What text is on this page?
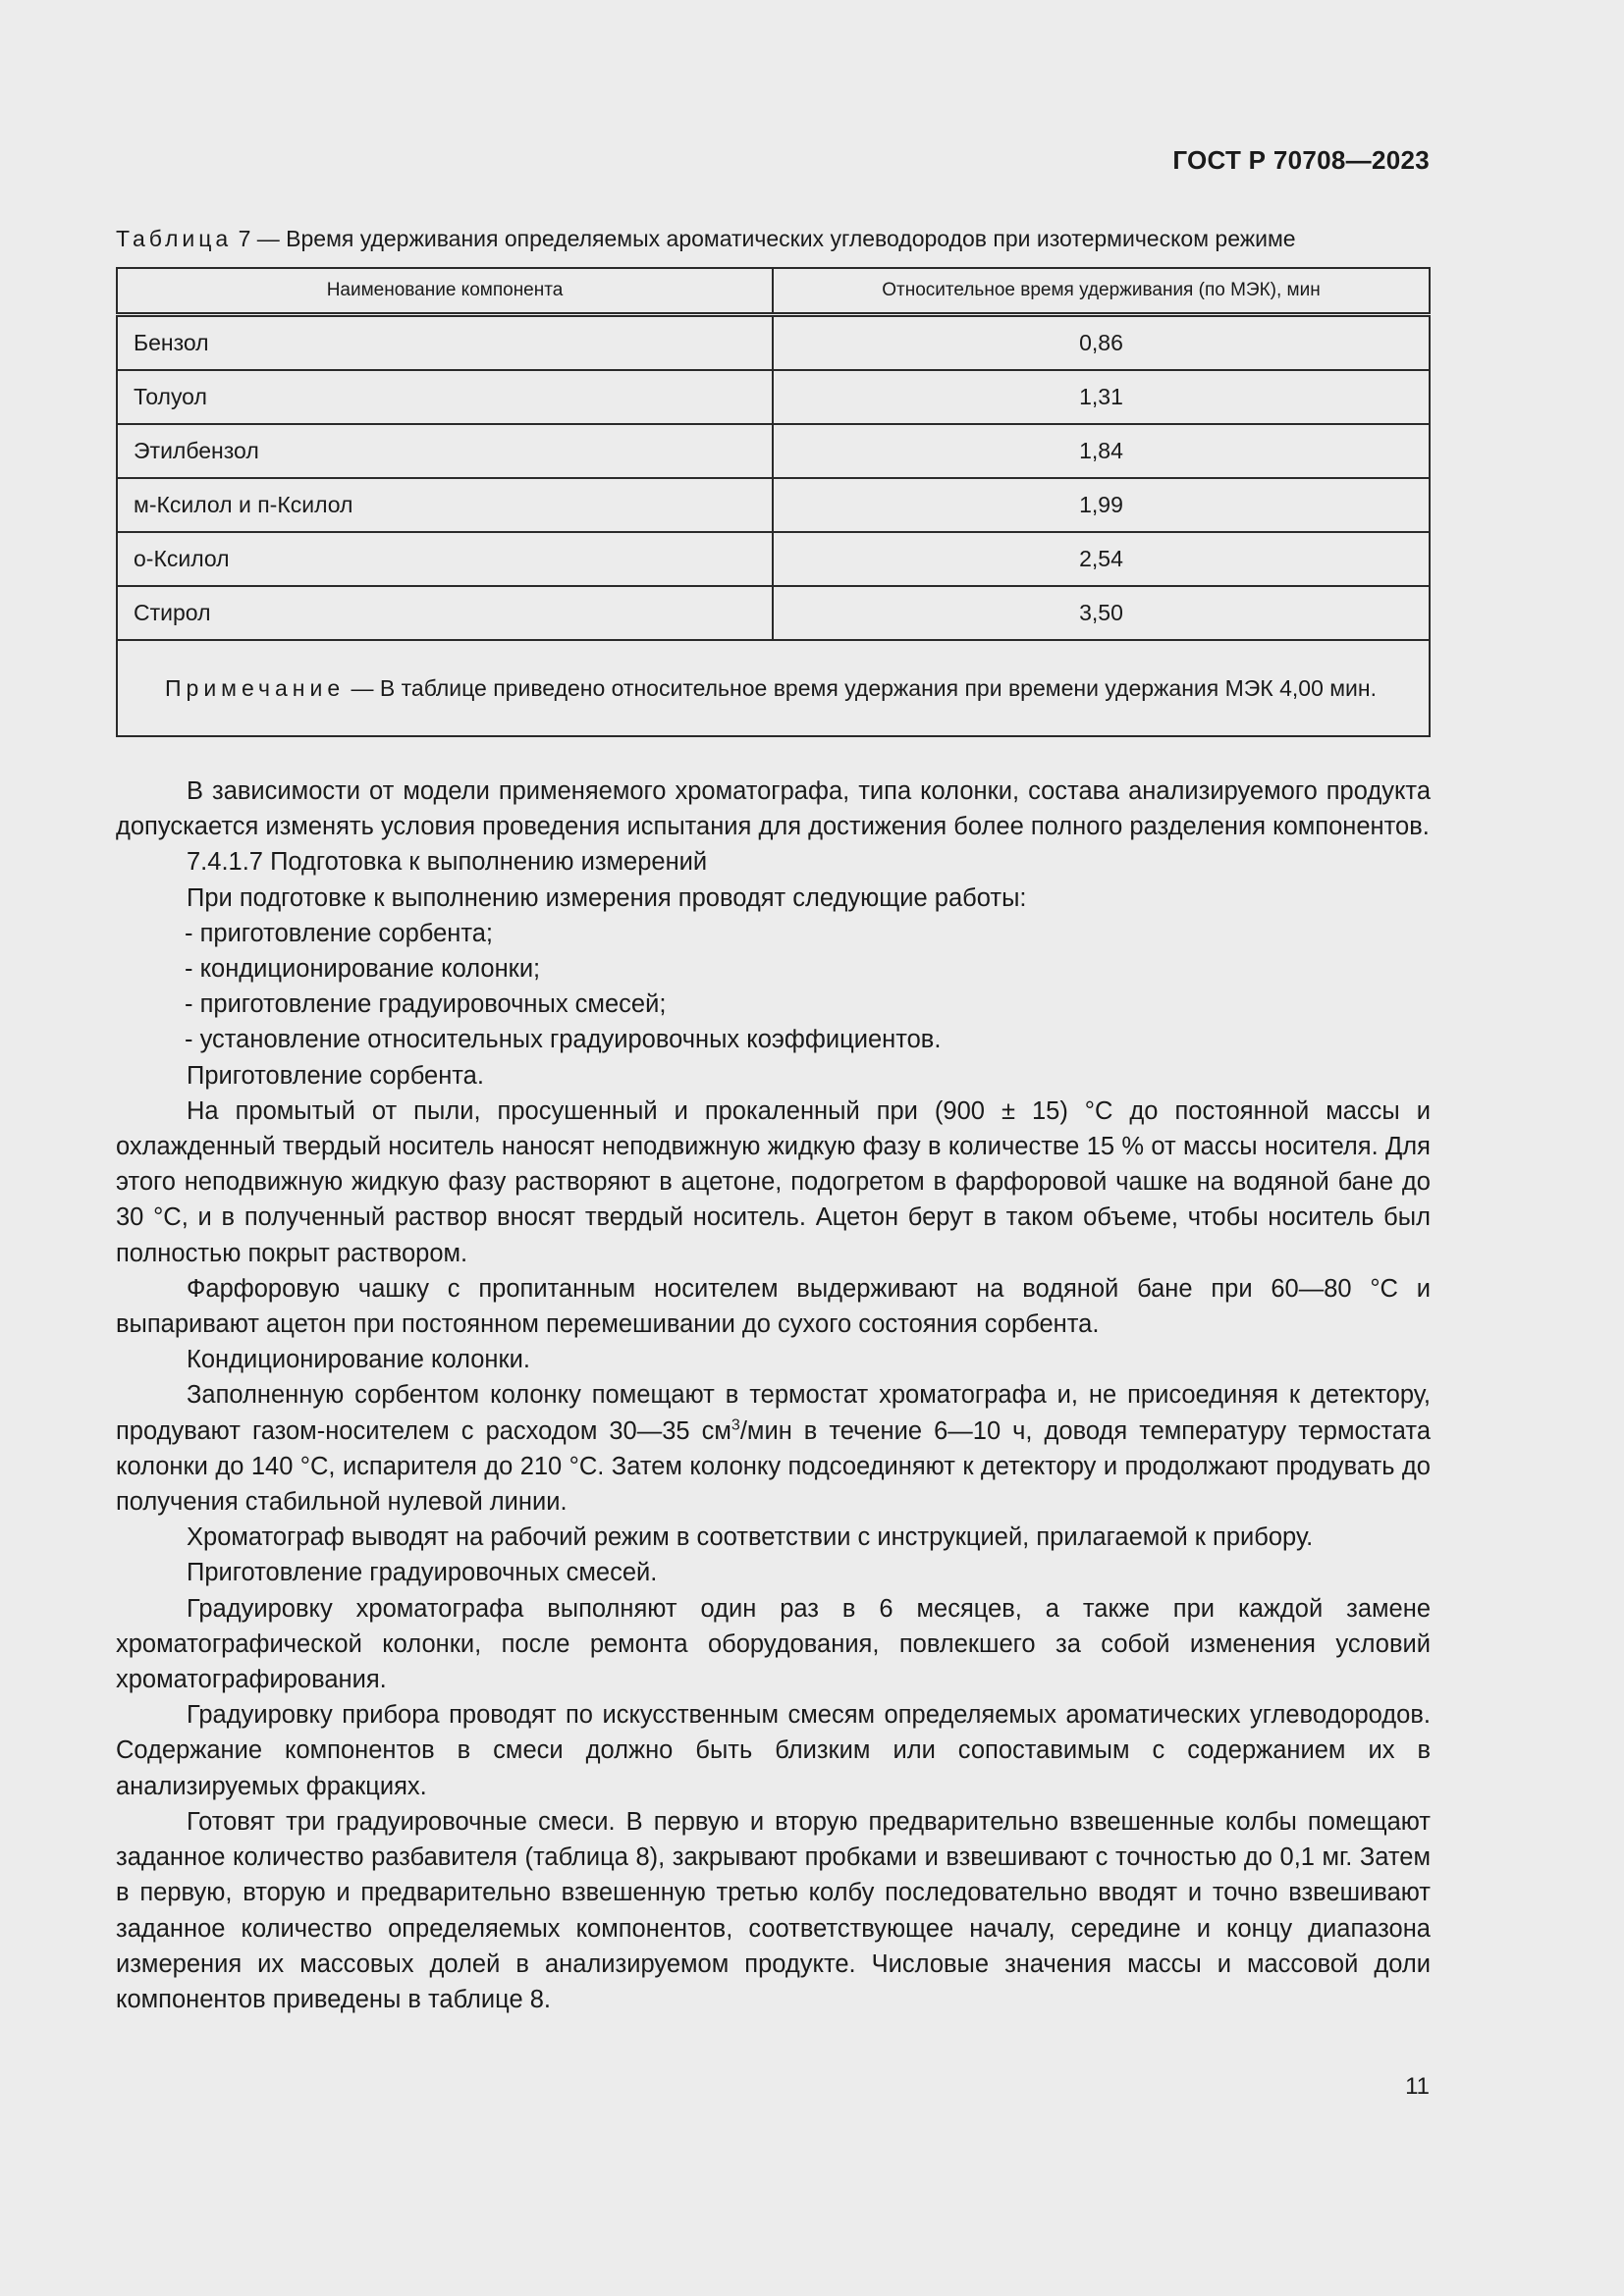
ГОСТ Р 70708—2023
Таблица 7 — Время удерживания определяемых ароматических углеводородов при изотермическом режиме
Наименование компонента	Относительное время удерживания (по МЭК), мин
Бензол	0,86
Толуол	1,31
Этилбензол	1,84
м-Ксилол и п-Ксилол	1,99
о-Ксилол	2,54
Стирол	3,50
Примечание — В таблице приведено относительное время удержания при времени удержания МЭК 4,00 мин.	

В зависимости от модели применяемого хроматографа, типа колонки, состава анализируемого продукта допускается изменять условия проведения испытания для достижения более полного разделения компонентов.

7.4.1.7 Подготовка к выполнению измерений

При подготовке к выполнению измерения проводят следующие работы:

- приготовление сорбента;

- кондиционирование колонки;

- приготовление градуировочных смесей;

- установление относительных градуировочных коэффициентов.

Приготовление сорбента.

На промытый от пыли, просушенный и прокаленный при (900 ± 15) °С до постоянной массы и охлажденный твердый носитель наносят неподвижную жидкую фазу в количестве 15 % от массы носителя. Для этого неподвижную жидкую фазу растворяют в ацетоне, подогретом в фарфоровой чашке на водяной бане до 30 °С, и в полученный раствор вносят твердый носитель. Ацетон берут в таком объеме, чтобы носитель был полностью покрыт раствором.

Фарфоровую чашку с пропитанным носителем выдерживают на водяной бане при 60—80 °С и выпаривают ацетон при постоянном перемешивании до сухого состояния сорбента.

Кондиционирование колонки.

Заполненную сорбентом колонку помещают в термостат хроматографа и, не присоединяя к детектору, продувают газом-носителем с расходом 30—35 $см^3$/мин в течение 6—10 ч, доводя температуру термостата колонки до 140 °С, испарителя до 210 °С. Затем колонку подсоединяют к детектору и продолжают продувать до получения стабильной нулевой линии.

Хроматограф выводят на рабочий режим в соответствии с инструкцией, прилагаемой к прибору.

Приготовление градуировочных смесей.

Градуировку хроматографа выполняют один раз в 6 месяцев, а также при каждой замене хроматографической колонки, после ремонта оборудования, повлекшего за собой изменения условий хроматографирования.

Градуировку прибора проводят по искусственным смесям определяемых ароматических углеводородов. Содержание компонентов в смеси должно быть близким или сопоставимым с содержанием их в анализируемых фракциях.

Готовят три градуировочные смеси. В первую и вторую предварительно взвешенные колбы помещают заданное количество разбавителя (таблица 8), закрывают пробками и взвешивают с точностью до 0,1 мг. Затем в первую, вторую и предварительно взвешенную третью колбу последовательно вводят и точно взвешивают заданное количество определяемых компонентов, соответствующее началу, середине и концу диапазона измерения их массовых долей в анализируемом продукте. Числовые значения массы и массовой доли компонентов приведены в таблице 8.

11
